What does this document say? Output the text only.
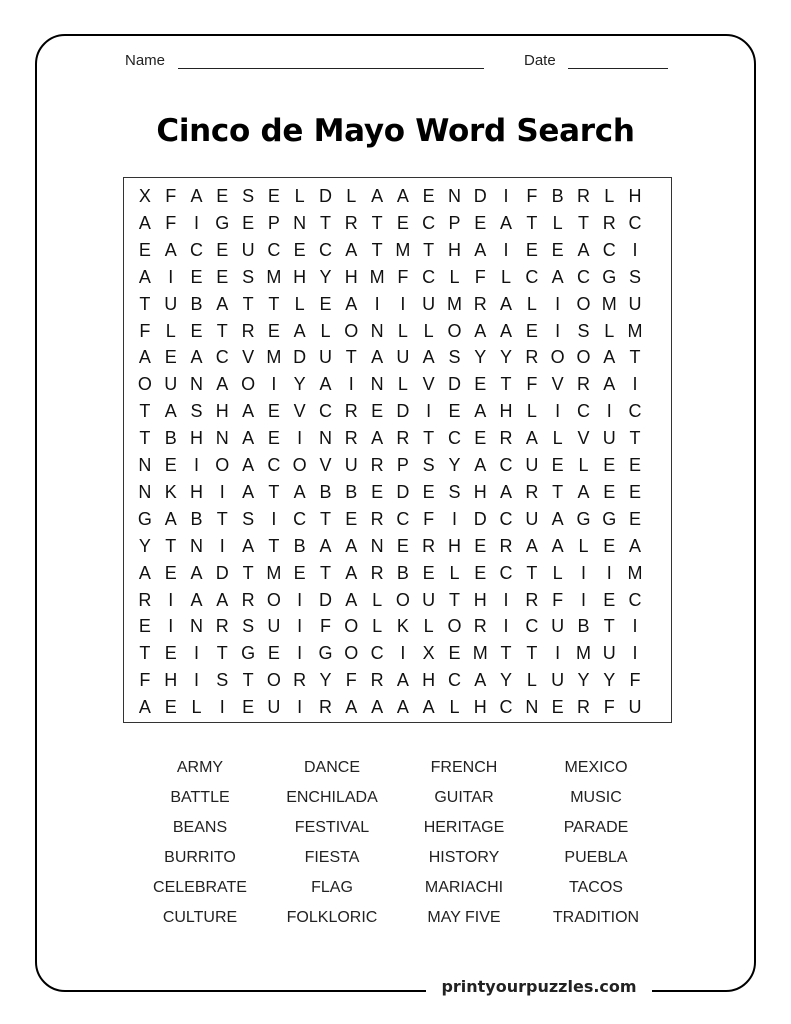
Name	Date
Cinco de Mayo Word Search
X F A E S E L D L A A E N D I F B R L H
A F I G E P N T R T E C P E A T L T R C
E A C E U C E C A T M T H A I E E A C I
A I E E S M H Y H M F C L F L C A C G S
T U B A T T L E A I	I U M R A L	I O M U
F L E T R E A L O N L L O A A E I S L M
A E A C V M D U T A U A S Y Y R O O A T
O U N A O I Y A I N L V D E T F V R A I
T A S H A E V C R E D I E A H L	I C I C
T B H N A E I N R A R T C E R A L V U T
N E I O A C O V U R P S Y A C U E L E E
N K H I A T A B B E D E S H A R T A E E
G A B T S I C T E R C F I D C U A G G E
Y T N I A T B A A N E R H E R A A L E A
A E A D T M E T A R B E L E C T L	I	I M
R I A A R O I D A L O U T H I R F I E C
E I N R S U I F O L K L O R I C U B T I
T E I T G E I G O C I X E M T T I M U I
F H I S T O R Y F R A H C A Y L U Y Y F
A E L	I E U I R A A A A L H C N E R F U
ARMY
BATTLE
BEANS
BURRITO
CELEBRATE
CULTURE
DANCE
ENCHILADA
FESTIVAL
FIESTA
FLAG
FOLKLORIC
FRENCH
GUITAR
HERITAGE
HISTORY
MARIACHI
MAY FIVE
MEXICO
MUSIC
PARADE
PUEBLA
TACOS
TRADITION
printyourpuzzles.com
